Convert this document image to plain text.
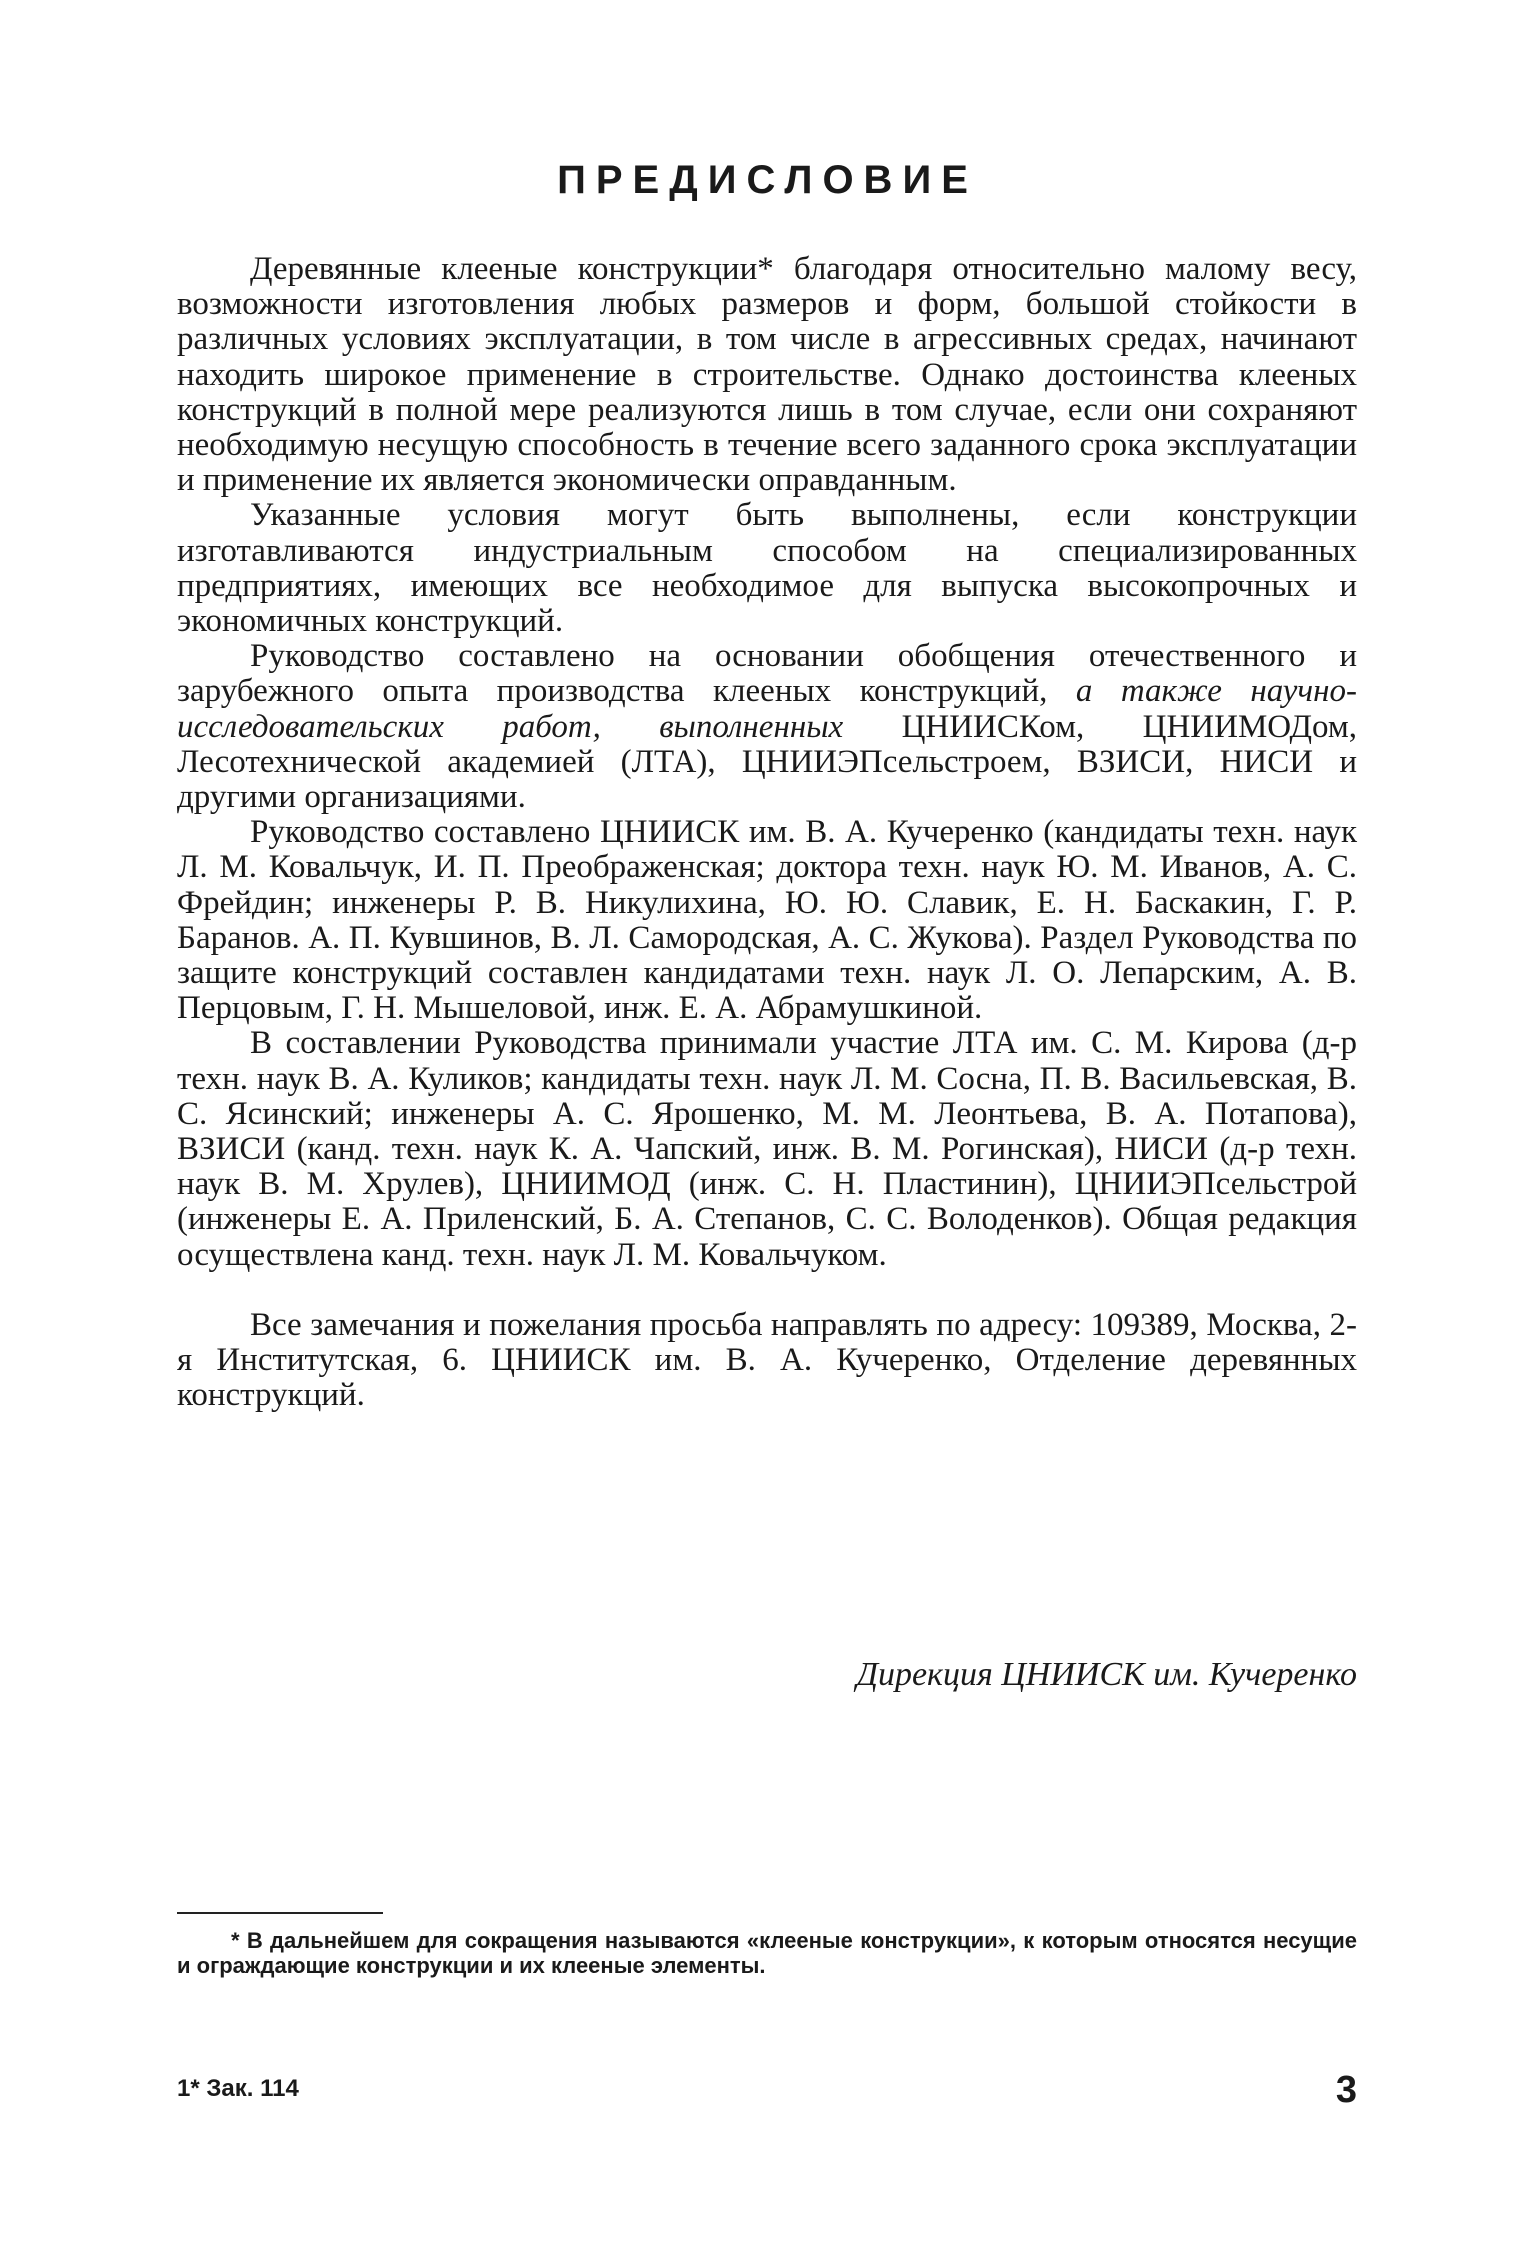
ПРЕДИСЛОВИЕ

Деревянные клееные конструкции* благодаря относительно малому весу, возможности изготовления любых размеров и форм, большой стойкости в различных условиях эксплуатации, в том числе в агрессивных средах, начинают находить широкое применение в строительстве. Однако достоинства клееных конструкций в полной мере реализуются лишь в том случае, если они сохраняют необходимую несущую способность в течение всего заданного срока эксплуатации и применение их является экономически оправданным.

Указанные условия могут быть выполнены, если конструкции изготавливаются индустриальным способом на специализированных предприятиях, имеющих все необходимое для выпуска высокопрочных и экономичных конструкций.

Руководство составлено на основании обобщения отечественного и зарубежного опыта производства клееных конструкций, а также научно-исследовательских работ, выполненных ЦНИИСКом, ЦНИИМОДом, Лесотехнической академией (ЛТА), ЦНИИЭПсельстроем, ВЗИСИ, НИСИ и другими организациями.

Руководство составлено ЦНИИСК им. В. А. Кучеренко (кандидаты техн. наук Л. М. Ковальчук, И. П. Преображенская; доктора техн. наук Ю. М. Иванов, А. С. Фрейдин; инженеры Р. В. Никулихина, Ю. Ю. Славик, Е. Н. Баскакин, Г. Р. Баранов. А. П. Кувшинов, В. Л. Самородская, А. С. Жукова). Раздел Руководства по защите конструкций составлен кандидатами техн. наук Л. О. Лепарским, А. В. Перцовым, Г. Н. Мышеловой, инж. Е. А. Абрамушкиной.

В составлении Руководства принимали участие ЛТА им. С. М. Кирова (д-р техн. наук В. А. Куликов; кандидаты техн. наук Л. М. Сосна, П. В. Васильевская, В. С. Ясинский; инженеры А. С. Ярошенко, М. М. Леонтьева, В. А. Потапова), ВЗИСИ (канд. техн. наук К. А. Чапский, инж. В. М. Рогинская), НИСИ (д-р техн. наук В. М. Хрулев), ЦНИИМОД (инж. С. Н. Пластинин), ЦНИИЭПсельстрой (инженеры Е. А. Приленский, Б. А. Степанов, С. С. Володенков). Общая редакция осуществлена канд. техн. наук Л. М. Ковальчуком.

Все замечания и пожелания просьба направлять по адресу: 109389, Москва, 2-я Институтская, 6. ЦНИИСК им. В. А. Кучеренко, Отделение деревянных конструкций.

Дирекция ЦНИИСК им. Кучеренко

* В дальнейшем для сокращения называются «клееные конструкции», к которым относятся несущие и ограждающие конструкции и их клееные элементы.

1* Зак. 114	3
